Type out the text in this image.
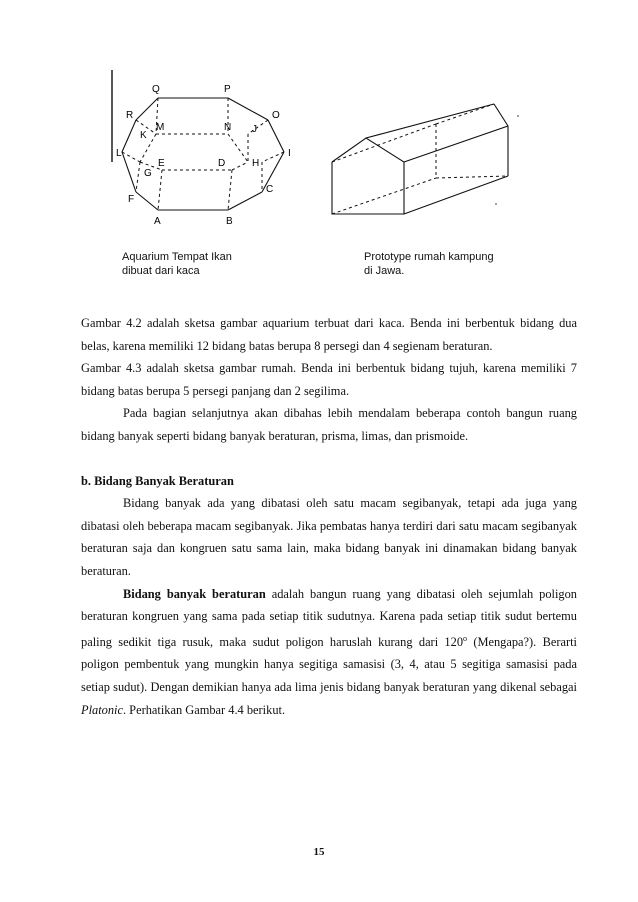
Q	P
R	O
K
M	N J
L	I
E	D	H
G
C
F
A	B
Aquarium Tempat Ikan
dibuat dari kaca
Prototype rumah kampung
di Jawa.

Gambar 4.2 adalah sketsa gambar aquarium terbuat dari kaca. Benda ini berbentuk bidang dua belas, karena memiliki 12 bidang batas berupa 8 persegi dan 4 segienam beraturan.

Gambar 4.3 adalah sketsa gambar rumah. Benda ini berbentuk bidang tujuh, karena memiliki 7 bidang batas berupa 5 persegi panjang dan 2 segilima.

Pada bagian selanjutnya akan dibahas lebih mendalam beberapa contoh bangun ruang bidang banyak seperti bidang banyak beraturan, prisma, limas, dan prismoide.

b. Bidang Banyak Beraturan

Bidang banyak ada yang dibatasi oleh satu macam segibanyak, tetapi ada juga yang dibatasi oleh beberapa macam segibanyak. Jika pembatas hanya terdiri dari satu macam segibanyak beraturan saja dan kongruen satu sama lain, maka bidang banyak ini dinamakan bidang banyak beraturan.

Bidang banyak beraturan adalah bangun ruang yang dibatasi oleh sejumlah poligon beraturan kongruen yang sama pada setiap titik sudutnya. Karena pada setiap titik sudut bertemu paling sedikit tiga rusuk, maka sudut poligon haruslah kurang dari 120$^o$ (Mengapa?). Berarti poligon pembentuk yang mungkin hanya segitiga samasisi (3, 4, atau 5 segitiga samasisi pada setiap sudut). Dengan demikian hanya ada lima jenis bidang banyak beraturan yang dikenal sebagai Platonic. Perhatikan Gambar 4.4 berikut.

15
